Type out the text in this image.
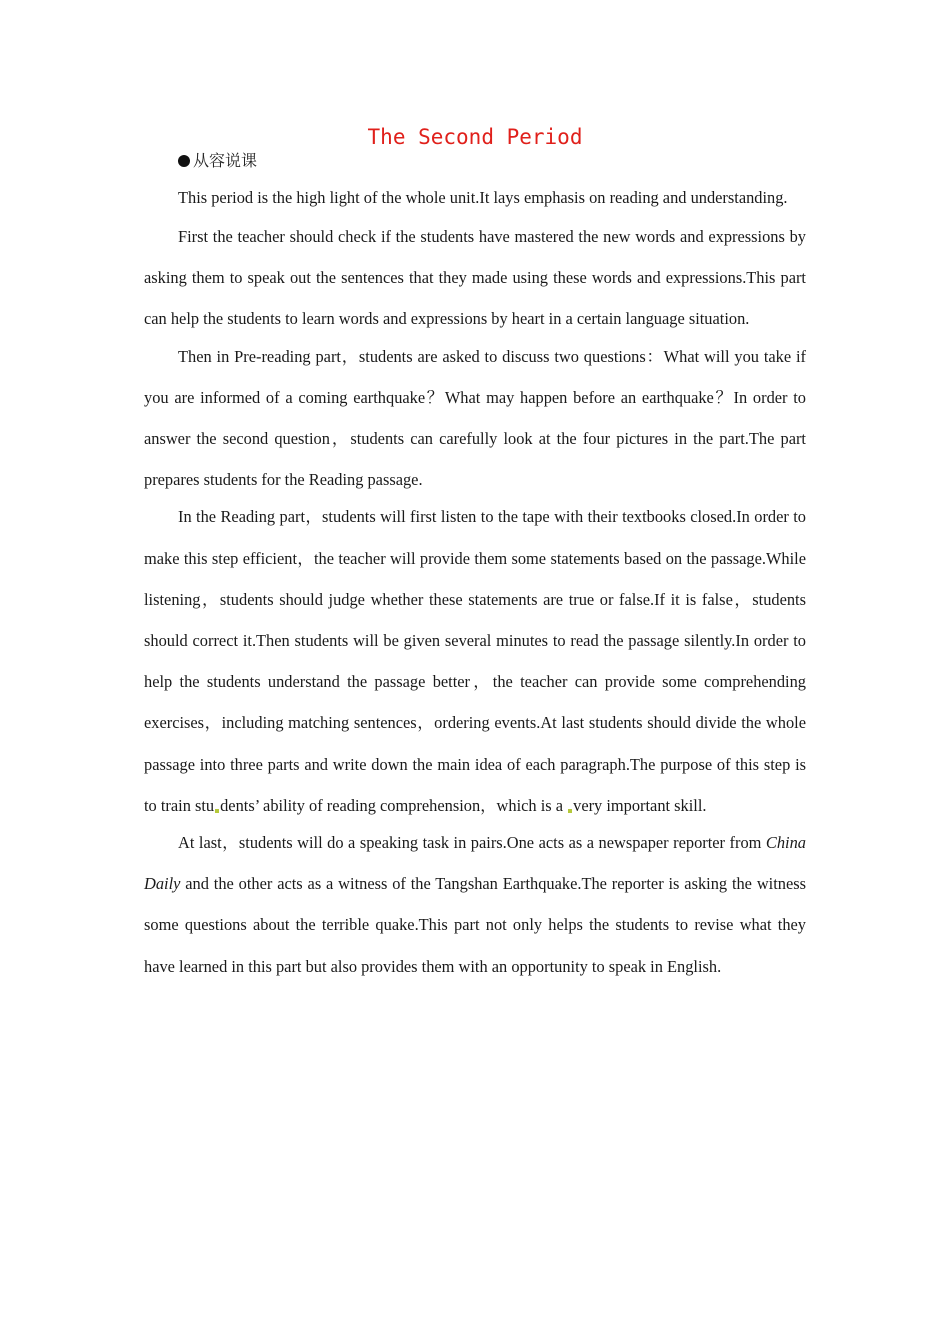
The Second Period
从容说课

This period is the high light of the whole unit.It lays emphasis on reading and understanding.

First the teacher should check if the students have mastered the new words and expressions by asking them to speak out the sentences that they made using these words and expressions.This part can help the students to learn words and expressions by heart in a certain language situation.

Then in Pre-reading part，students are asked to discuss two questions：What will you take if you are informed of a coming earthquake？What may happen before an earthquake？In order to answer the second question，students can carefully look at the four pictures in the part.The part prepares students for the Reading passage.

In the Reading part，students will first listen to the tape with their textbooks closed.In order to make this step efficient，the teacher will provide them some statements based on the passage.While listening，students should judge whether these statements are true or false.If it is false，students should correct it.Then students will be given several minutes to read the passage silently.In order to help the students understand the passage better，the teacher can provide some comprehending exercises，including matching sentences，ordering events.At last students should divide the whole passage into three parts and write down the main idea of each paragraph.The purpose of this step is to train stu dents’ ability of reading comprehension，which is a very important skill.

At last，students will do a speaking task in pairs.One acts as a newspaper reporter from China Daily and the other acts as a witness of the Tangshan Earthquake.The reporter is asking the witness some questions about the terrible quake.This part not only helps the students to revise what they have learned in this part but also provides them with an opportunity to speak in English.
